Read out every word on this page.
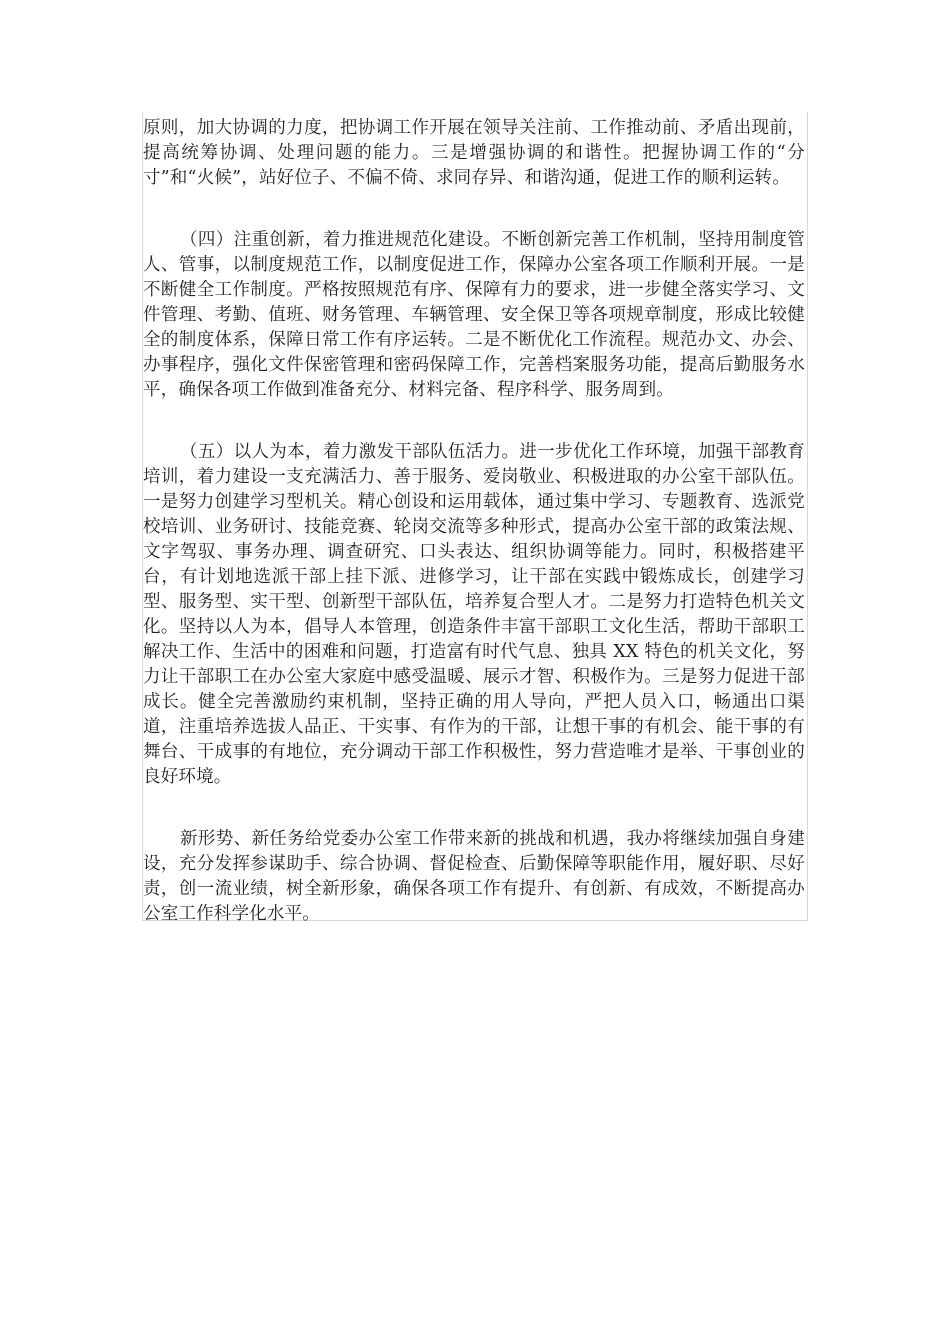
原则，加大协调的力度，把协调工作开展在领导关注前、工作推动前、矛盾出现前，提高统筹协调、处理问题的能力。三是增强协调的和谐性。把握协调工作的“分寸”和“火候”，站好位子、不偏不倚、求同存异、和谐沟通，促进工作的顺利运转。

（四）注重创新，着力推进规范化建设。不断创新完善工作机制，坚持用制度管人、管事，以制度规范工作，以制度促进工作，保障办公室各项工作顺利开展。一是不断健全工作制度。严格按照规范有序、保障有力的要求，进一步健全落实学习、文件管理、考勤、值班、财务管理、车辆管理、安全保卫等各项规章制度，形成比较健全的制度体系，保障日常工作有序运转。二是不断优化工作流程。规范办文、办会、办事程序，强化文件保密管理和密码保障工作，完善档案服务功能，提高后勤服务水平，确保各项工作做到准备充分、材料完备、程序科学、服务周到。

（五）以人为本，着力激发干部队伍活力。进一步优化工作环境，加强干部教育培训，着力建设一支充满活力、善于服务、爱岗敬业、积极进取的办公室干部队伍。一是努力创建学习型机关。精心创设和运用载体，通过集中学习、专题教育、选派党校培训、业务研讨、技能竞赛、轮岗交流等多种形式，提高办公室干部的政策法规、文字驾驭、事务办理、调查研究、口头表达、组织协调等能力。同时，积极搭建平台，有计划地选派干部上挂下派、进修学习，让干部在实践中锻炼成长，创建学习型、服务型、实干型、创新型干部队伍，培养复合型人才。二是努力打造特色机关文化。坚持以人为本，倡导人本管理，创造条件丰富干部职工文化生活，帮助干部职工解决工作、生活中的困难和问题，打造富有时代气息、独具 XX 特色的机关文化，努力让干部职工在办公室大家庭中感受温暖、展示才智、积极作为。三是努力促进干部成长。健全完善激励约束机制，坚持正确的用人导向，严把人员入口，畅通出口渠道，注重培养选拔人品正、干实事、有作为的干部，让想干事的有机会、能干事的有舞台、干成事的有地位，充分调动干部工作积极性，努力营造唯才是举、干事创业的良好环境。

新形势、新任务给党委办公室工作带来新的挑战和机遇，我办将继续加强自身建设，充分发挥参谋助手、综合协调、督促检查、后勤保障等职能作用，履好职、尽好责，创一流业绩，树全新形象，确保各项工作有提升、有创新、有成效，不断提高办公室工作科学化水平。
